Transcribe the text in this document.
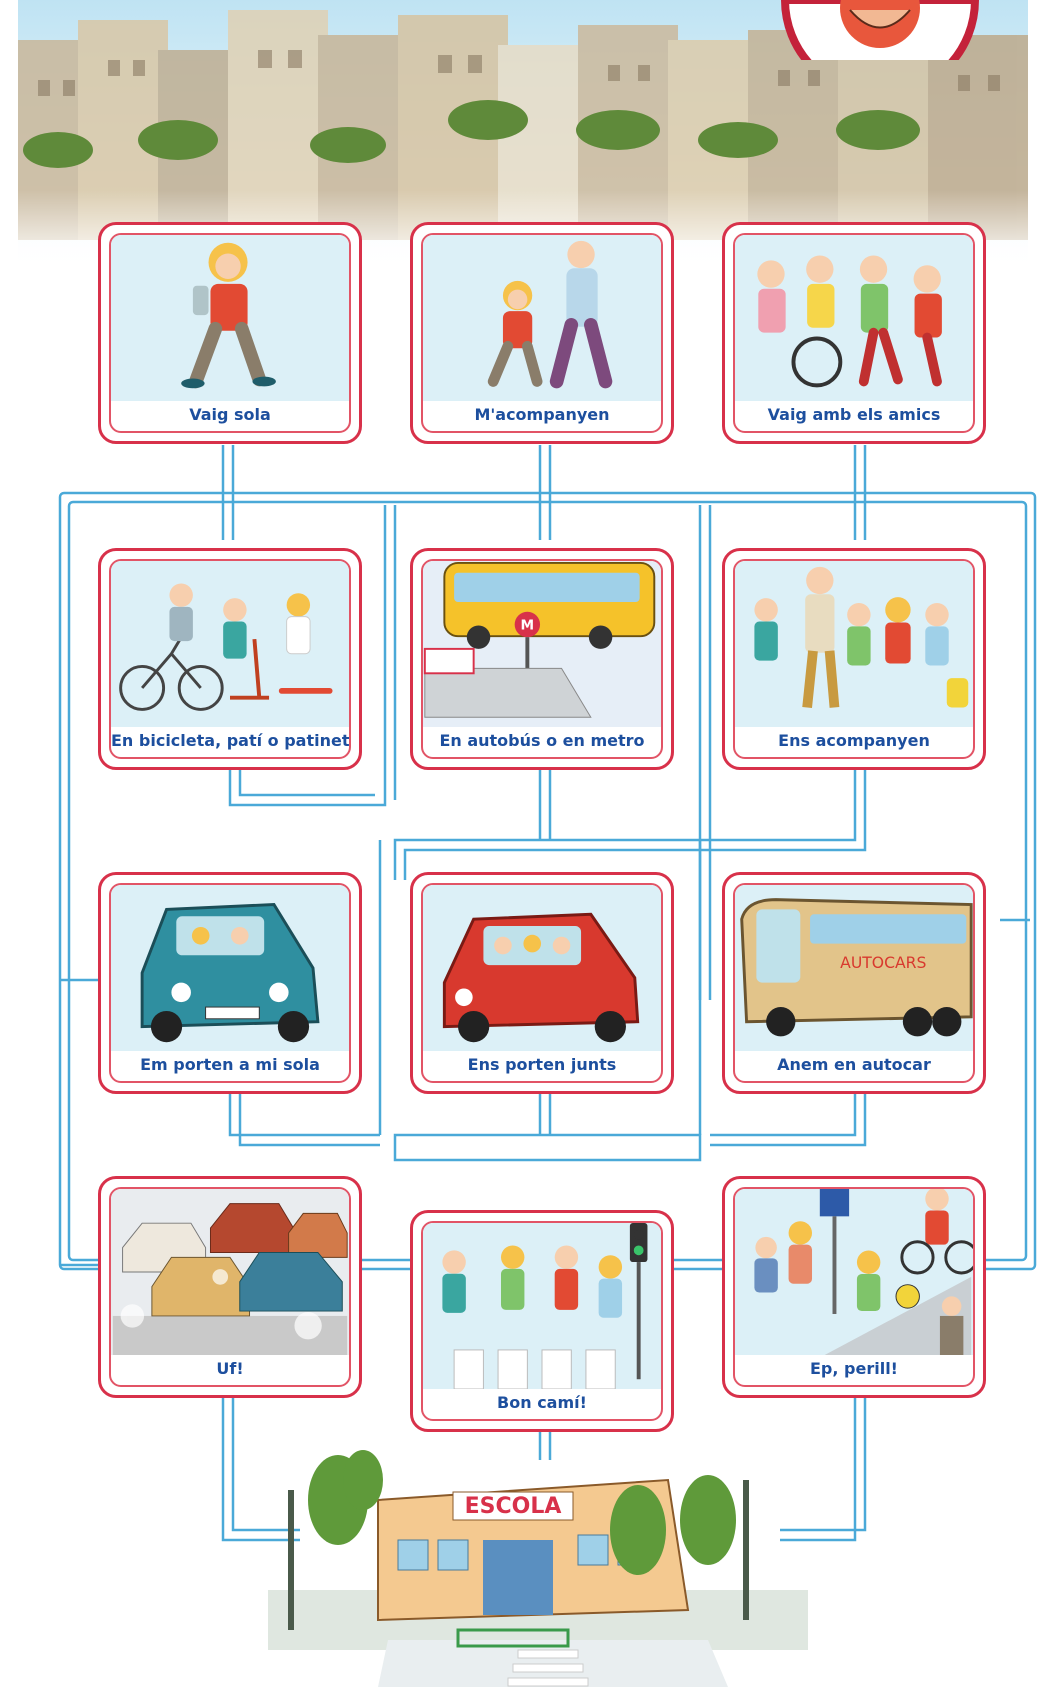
Vaig sola	M'acompanyen	Vaig amb els amics
En bicicleta, patí o patinet
M
En autobús o en metro	Ens acompanyen
Em porten a mi sola	Ens porten junts
AUTOCARS
Anem en autocar
Uf!
Bon camí!
Ep, perill!
ESCOLA
